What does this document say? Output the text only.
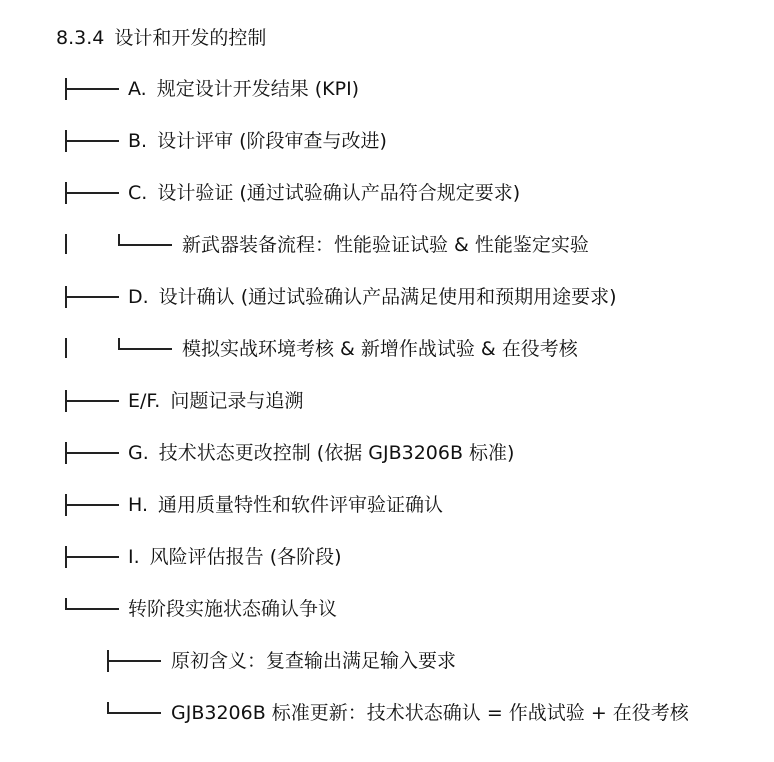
8.3.4 设计和开发的控制
A. 规定设计开发结果 (KPI)
B. 设计评审 (阶段审查与改进)
C. 设计验证 (通过试验确认产品符合规定要求)
新武器装备流程：性能验证试验 & 性能鉴定实验
D. 设计确认 (通过试验确认产品满足使用和预期用途要求)
模拟实战环境考核 & 新增作战试验 & 在役考核
E/F. 问题记录与追溯
G. 技术状态更改控制 (依据 GJB3206B 标准)
H. 通用质量特性和软件评审验证确认
I. 风险评估报告 (各阶段)
转阶段实施状态确认争议
原初含义：复查输出满足输入要求
GJB3206B 标准更新：技术状态确认 = 作战试验 + 在役考核
